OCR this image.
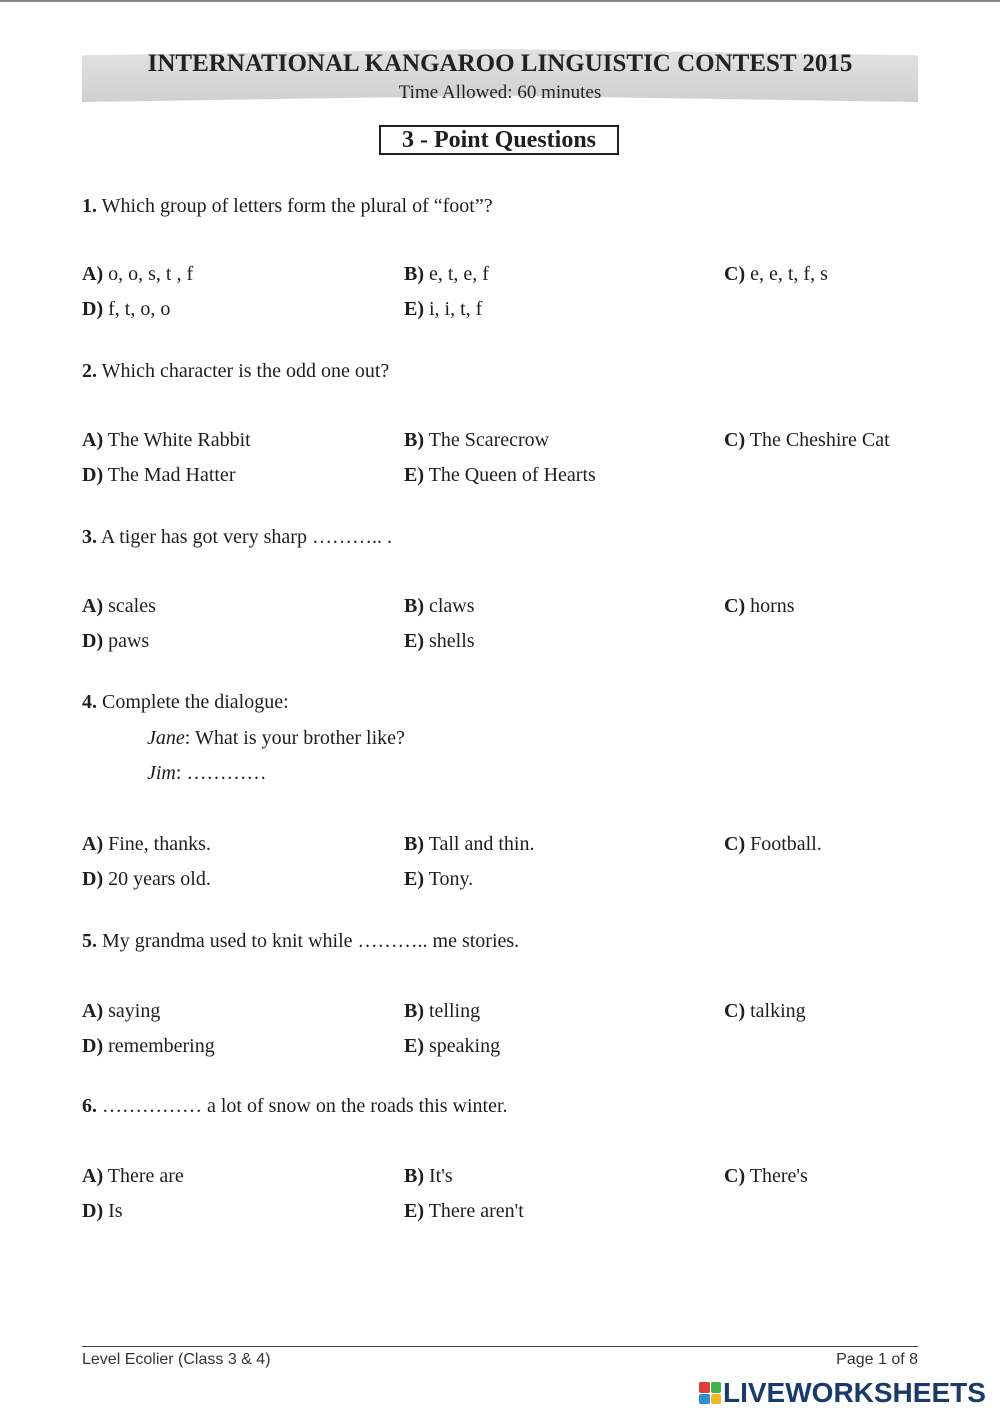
INTERNATIONAL KANGAROO LINGUISTIC CONTEST 2015
Time Allowed: 60 minutes
3 - Point Questions
1. Which group of letters form the plural of “foot”?
A) o, o, s, t , f	B) e, t, e, f	C) e, e, t, f, s
D) f, t, o, o	E) i, i, t, f
2. Which character is the odd one out?
A) The White Rabbit	B) The Scarecrow	C) The Cheshire Cat
D) The Mad Hatter	E) The Queen of Hearts
3. A tiger has got very sharp ……….. .
A) scales	B) claws	C) horns
D) paws	E) shells
4. Complete the dialogue:
Jane: What is your brother like?
Jim: …………
A) Fine, thanks.	B) Tall and thin.	C) Football.
D) 20 years old.	E) Tony.
5. My grandma used to knit while ……….. me stories.
A) saying	B) telling	C) talking
D) remembering	E) speaking
6. …………… a lot of snow on the roads this winter.
A) There are	B) It's	C) There's
D) Is	E) There aren't
Level Ecolier (Class 3 & 4)	Page 1 of 8
LIVEWORKSHEETS
